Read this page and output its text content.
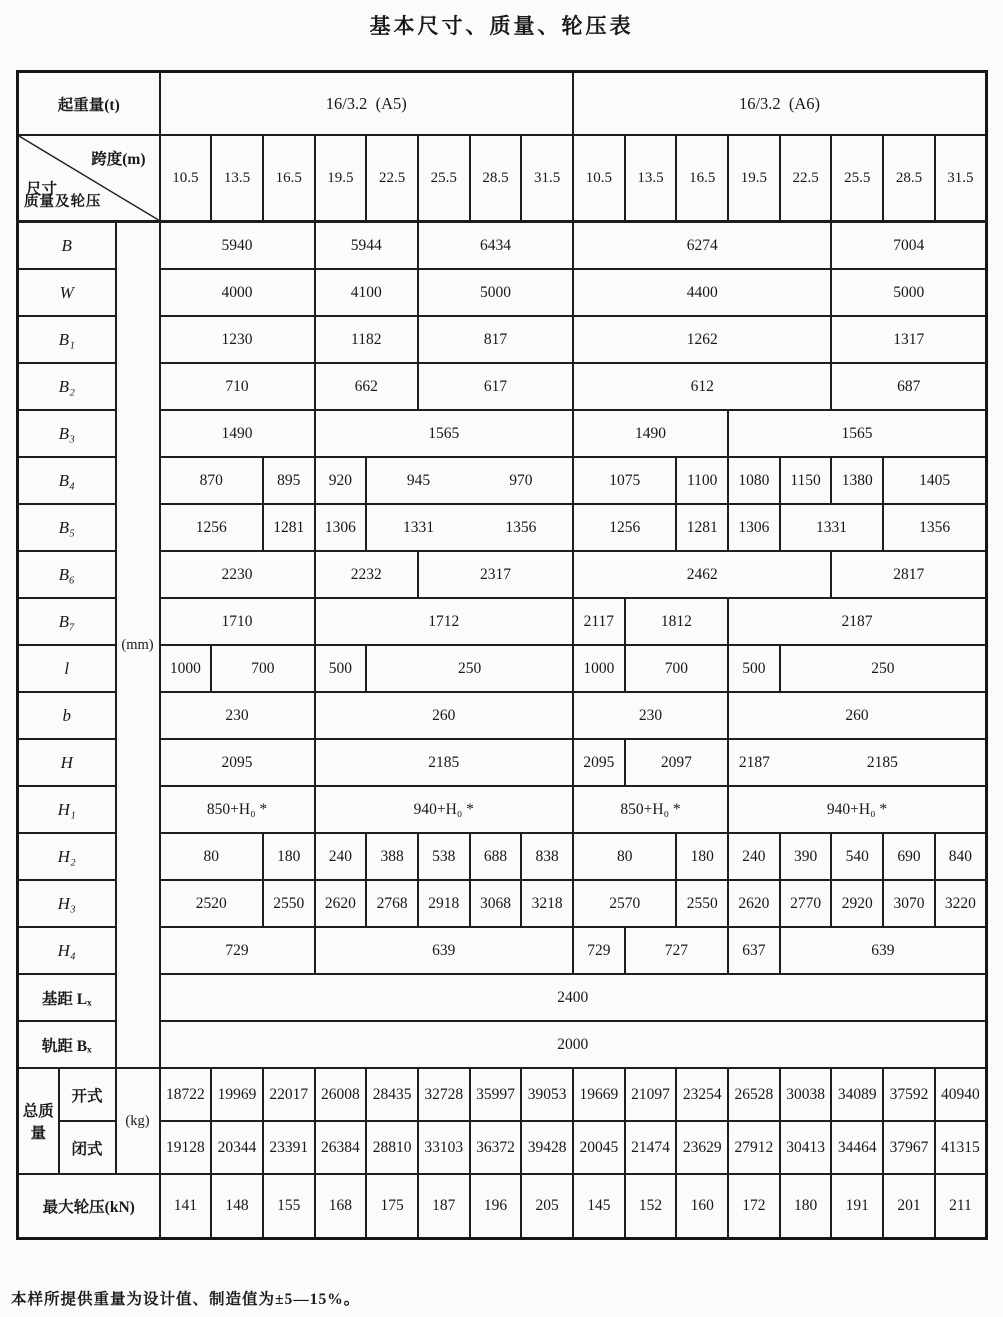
基本尺寸、质量、轮压表
起重量(t)			16/3.2  (A5)								16/3.2  (A6)							

跨度(m)
尺寸
质量及轮压			10.5	13.5	16.5	19.5	22.5	25.5	28.5	31.5	10.5	13.5	16.5	19.5	22.5	25.5	28.5	31.5
B		(mm)	5940			5944		6434			6274					7004		
W			4000			4100		5000			4400					5000		
B₁			1230			1182		817			1262					1317		
B₂			710			662		617			612					687		
B₃			1490			1565					1490			1565				
B₄			870		895	920	945		970		1075		1100	1080	1150	1380	1405	
B₅			1256		1281	1306	1331		1356		1256		1281	1306	1331		1356	
B₆			2230			2232		2317			2462					2817		
B₇			1710			1712					2117	1812		2187				
l			1000	700		500	250				1000	700		500	250			
b			230			260					230			260				
H			2095			2185					2095	2097		2187	2185			
H₁			850+H₀ *			940+H₀ *					850+H₀ *			940+H₀ *				
H₂			80		180	240	388	538	688	838	80		180	240	390	540	690	840
H₃			2520		2550	2620	2768	2918	3068	3218	2570		2550	2620	2770	2920	3070	3220
H₄			729			639					729	727		637	639			
基距 Lₓ			2400															
轨距 Bₓ			2000															
总质量	开式	(kg)	18722	19969	22017	26008	28435	32728	35997	39053	19669	21097	23254	26528	30038	34089	37592	40940
	闭式		19128	20344	23391	26384	28810	33103	36372	39428	20045	21474	23629	27912	30413	34464	37967	41315
最大轮压(kN)			141	148	155	168	175	187	196	205	145	152	160	172	180	191	201	211
本样所提供重量为设计值、制造值为±5—15%。
